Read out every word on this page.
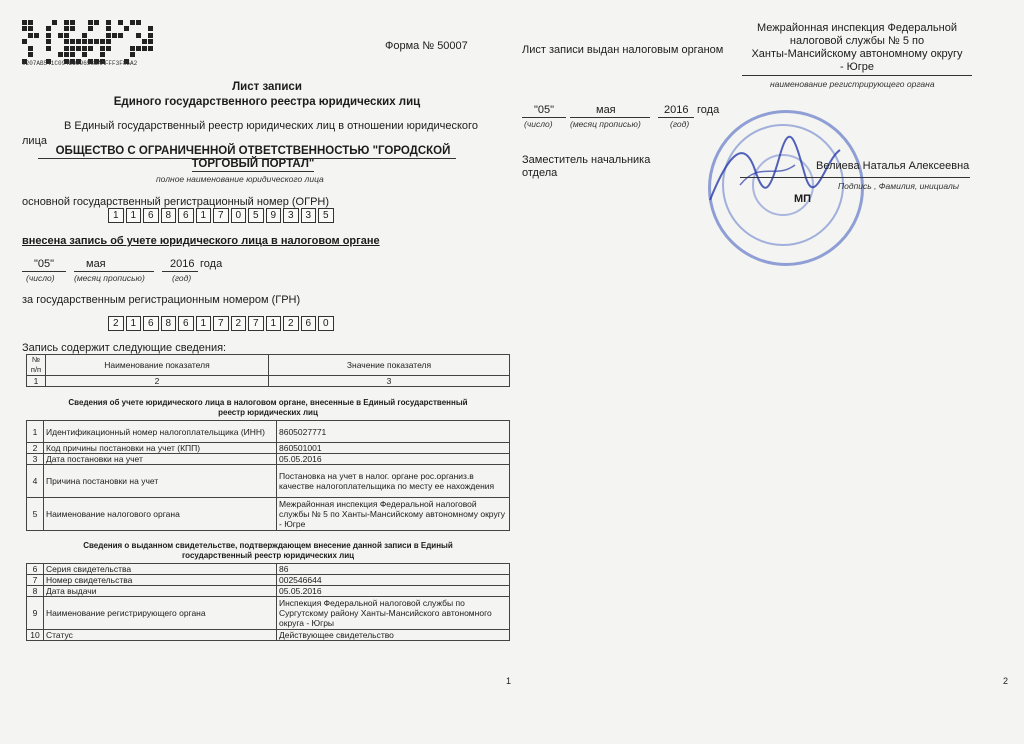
0207AB541C094DD29658BAAFFF3F85A2
Форма № 50007
Лист записи
Единого государственного реестра юридических лиц
В Единый государственный реестр юридических лиц в отношении юридического
лица
ОБЩЕСТВО С ОГРАНИЧЕННОЙ ОТВЕТСТВЕННОСТЬЮ "ГОРОДСКОЙ
ТОРГОВЫЙ ПОРТАЛ"
полное наименование юридического лица
основной государственный регистрационный номер (ОГРН)
1	1	6	8	6	1	7	0	5	9	3	3	5
внесена запись об учете юридического лица в налоговом органе
"05"	мая	2016 года
(число) (месяц прописью)	(год)
за государственным регистрационным номером (ГРН)
2	1	6	8	6	1	7	2	7	1	2	6	0
Запись содержит следующие сведения:
№ п/п	Наименование показателя	Значение показателя
1	2	3
Сведения об учете юридического лица в налоговом органе, внесенные в Единый государственный
реестр юридических лиц
1	Идентификационный номер налогоплательщика (ИНН)	8605027771
2	Код причины постановки на учет (КПП)	860501001
3	Дата постановки на учет	05.05.2016
4	Причина постановки на учет	Постановка на учет в налог. органе рос.организ.в качестве налогоплательщика по месту ее нахождения
5	Наименование налогового органа	Межрайонная инспекция Федеральной налоговой службы № 5 по Ханты-Мансийскому автономному округу - Югре
Сведения о выданном свидетельстве, подтверждающем внесение данной записи в Единый
государственный реестр юридических лиц
6	Серия свидетельства	86
7	Номер свидетельства	002546644
8	Дата выдачи	05.05.2016
9	Наименование регистрирующего органа	Инспекция Федеральной налоговой службы по Сургутскому району Ханты-Мансийского автономного округа - Югры
10	Статус	Действующее свидетельство
1	2
Лист записи выдан налоговым органом
Межрайонная инспекция Федеральной
налоговой службы № 5 по
Ханты-Мансийскому автономному округу
- Югре
наименование регистрирующего органа
"05"	мая	2016 года
(число) (месяц прописью)	(год)
Заместитель начальника
отдела
Велиева Наталья Алексеевна
Подпись , Фамилия, инициалы
МП
